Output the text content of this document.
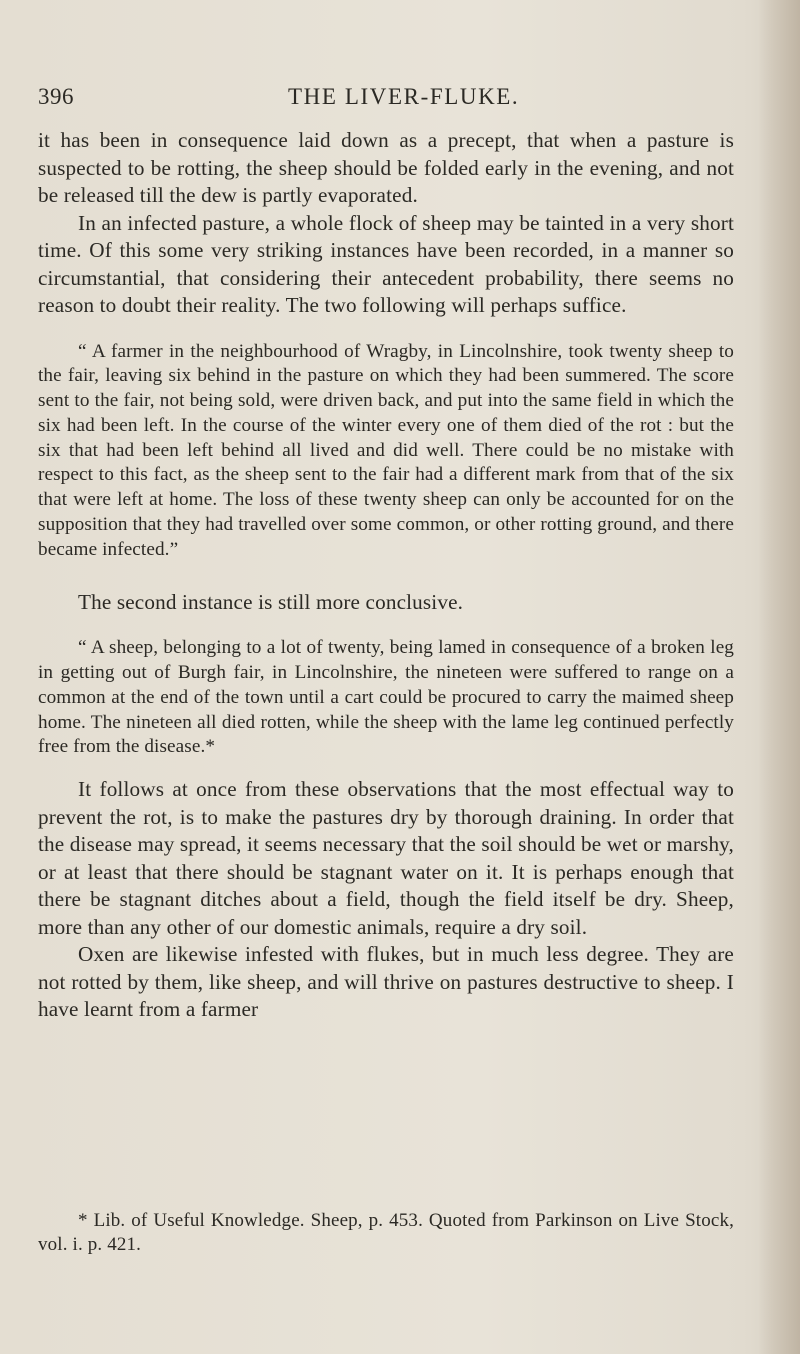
396	THE LIVER-FLUKE.

it has been in consequence laid down as a precept, that when a pasture is suspected to be rotting, the sheep should be folded early in the evening, and not be released till the dew is partly evaporated.

In an infected pasture, a whole flock of sheep may be tainted in a very short time. Of this some very striking instances have been recorded, in a manner so circumstantial, that considering their antecedent probability, there seems no reason to doubt their reality. The two following will perhaps suffice.

“ A farmer in the neighbourhood of Wragby, in Lincolnshire, took twenty sheep to the fair, leaving six behind in the pasture on which they had been summered. The score sent to the fair, not being sold, were driven back, and put into the same field in which the six had been left. In the course of the winter every one of them died of the rot : but the six that had been left behind all lived and did well. There could be no mistake with respect to this fact, as the sheep sent to the fair had a different mark from that of the six that were left at home. The loss of these twenty sheep can only be accounted for on the supposition that they had travelled over some common, or other rotting ground, and there became infected.”

The second instance is still more conclusive.

“ A sheep, belonging to a lot of twenty, being lamed in consequence of a broken leg in getting out of Burgh fair, in Lincolnshire, the nineteen were suffered to range on a common at the end of the town until a cart could be procured to carry the maimed sheep home. The nineteen all died rotten, while the sheep with the lame leg continued perfectly free from the disease.*

It follows at once from these observations that the most effectual way to prevent the rot, is to make the pastures dry by thorough draining. In order that the disease may spread, it seems necessary that the soil should be wet or marshy, or at least that there should be stagnant water on it. It is perhaps enough that there be stagnant ditches about a field, though the field itself be dry. Sheep, more than any other of our domestic animals, require a dry soil.

Oxen are likewise infested with flukes, but in much less degree. They are not rotted by them, like sheep, and will thrive on pastures destructive to sheep. I have learnt from a farmer

* Lib. of Useful Knowledge. Sheep, p. 453. Quoted from Parkinson on Live Stock, vol. i. p. 421.
